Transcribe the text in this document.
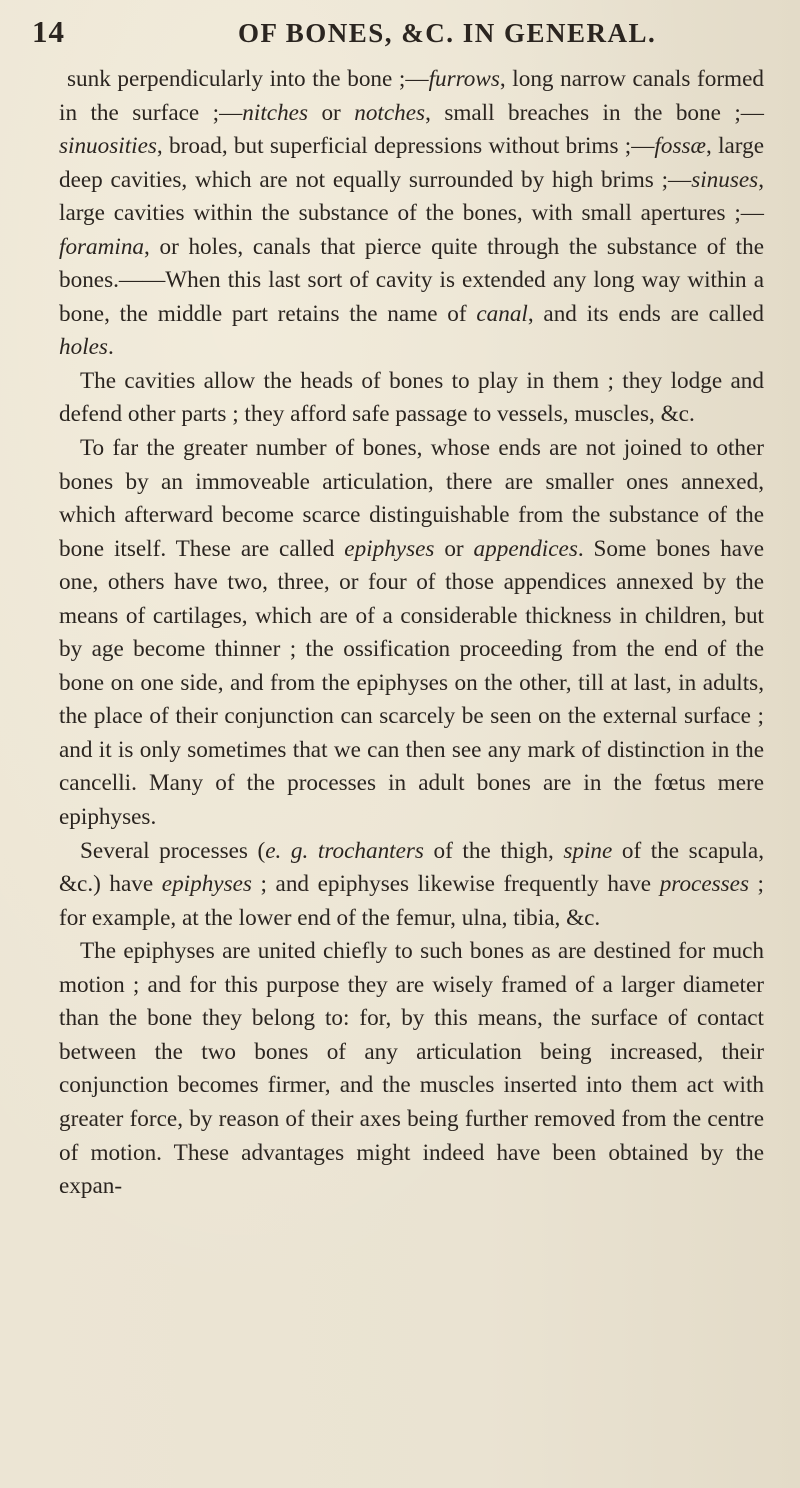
14	OF BONES, &C. IN GENERAL.

sunk perpendicularly into the bone ;—furrows, long narrow canals formed in the surface ;—nitches or notches, small breaches in the bone ;—sinuosities, broad, but superficial depressions without brims ;—fossæ, large deep cavities, which are not equally surrounded by high brims ;—sinuses, large cavities within the substance of the bones, with small apertures ;—foramina, or holes, canals that pierce quite through the substance of the bones.——When this last sort of cavity is extended any long way within a bone, the middle part retains the name of canal, and its ends are called holes.

The cavities allow the heads of bones to play in them ; they lodge and defend other parts ; they afford safe passage to vessels, muscles, &c.

To far the greater number of bones, whose ends are not joined to other bones by an immoveable articulation, there are smaller ones annexed, which afterward become scarce distinguishable from the substance of the bone itself. These are called epiphyses or appendices. Some bones have one, others have two, three, or four of those appendices annexed by the means of cartilages, which are of a considerable thickness in children, but by age become thinner ; the ossification proceeding from the end of the bone on one side, and from the epiphyses on the other, till at last, in adults, the place of their conjunction can scarcely be seen on the external surface ; and it is only sometimes that we can then see any mark of distinction in the cancelli. Many of the processes in adult bones are in the fœtus mere epiphyses.

Several processes (e. g. trochanters of the thigh, spine of the scapula, &c.) have epiphyses ; and epiphyses likewise frequently have processes ; for example, at the lower end of the femur, ulna, tibia, &c.

The epiphyses are united chiefly to such bones as are destined for much motion ; and for this purpose they are wisely framed of a larger diameter than the bone they belong to: for, by this means, the surface of contact between the two bones of any articulation being increased, their conjunction becomes firmer, and the muscles inserted into them act with greater force, by reason of their axes being further removed from the centre of motion. These advantages might indeed have been obtained by the expan-
